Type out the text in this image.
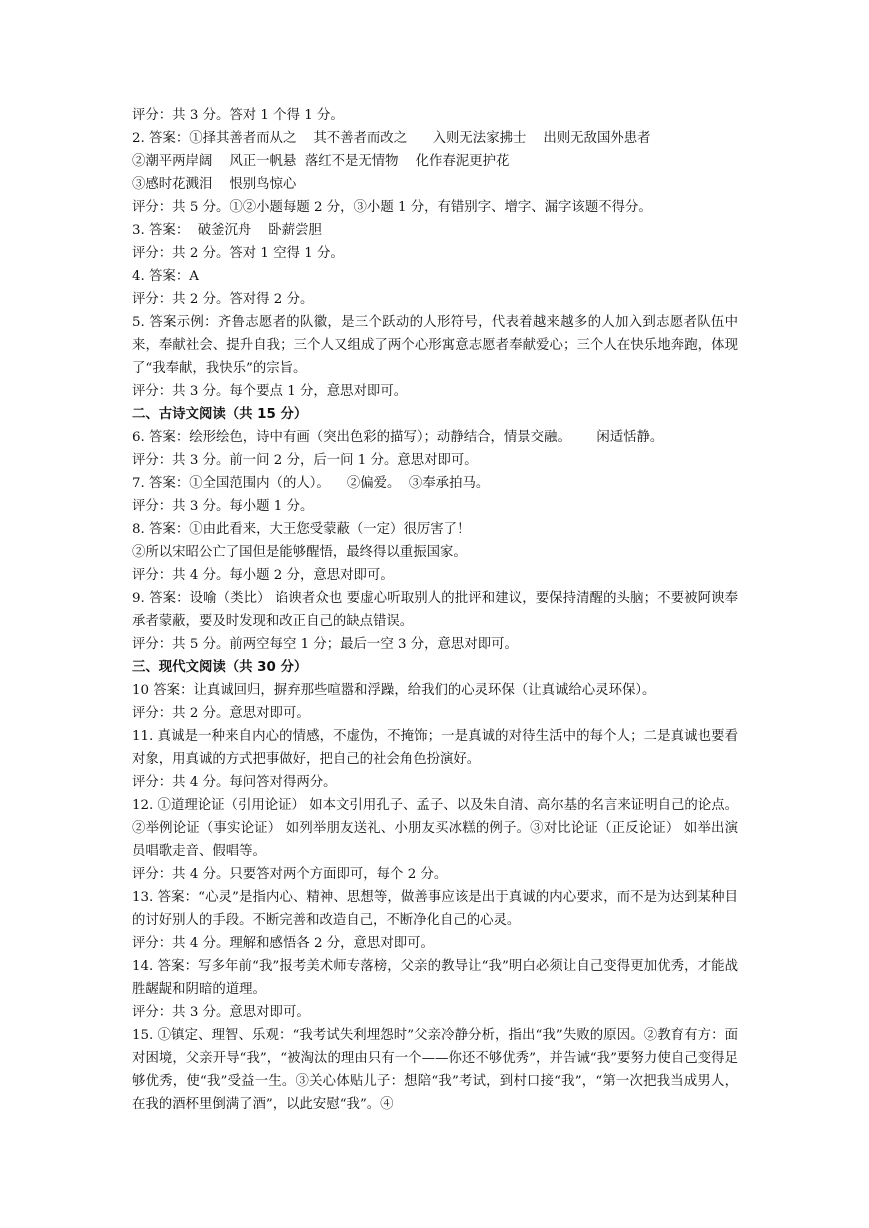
评分：共 3 分。答对 1 个得 1 分。
2. 答案：①择其善者而从之    其不善者而改之      入则无法家拂士    出则无敌国外患者
②潮平两岸阔    风正一帆悬  落红不是无情物    化作春泥更护花
③感时花溅泪    恨别鸟惊心
评分：共 5 分。①②小题每题 2 分，③小题 1 分，有错别字、增字、漏字该题不得分。
3. 答案：  破釜沉舟    卧薪尝胆
评分：共 2 分。答对 1 空得 1 分。
4. 答案：A
评分：共 2 分。答对得 2 分。
5. 答案示例：齐鲁志愿者的队徽，是三个跃动的人形符号，代表着越来越多的人加入到志愿者队伍中来，奉献社会、提升自我；三个人又组成了两个心形寓意志愿者奉献爱心；三个人在快乐地奔跑，体现了“我奉献，我快乐”的宗旨。
评分：共 3 分。每个要点 1 分，意思对即可。
二、古诗文阅读（共 15 分）
6. 答案：绘形绘色，诗中有画（突出色彩的描写）；动静结合，情景交融。      闲适恬静。
评分：共 3 分。前一问 2 分，后一问 1 分。意思对即可。
7. 答案：①全国范围内（的人）。    ②偏爱。  ③奉承拍马。
评分：共 3 分。每小题 1 分。
8. 答案：①由此看来，大王您受蒙蔽（一定）很厉害了！
②所以宋昭公亡了国但是能够醒悟，最终得以重振国家。
评分：共 4 分。每小题 2 分，意思对即可。
9. 答案：设喻（类比） 谄谀者众也 要虚心听取别人的批评和建议，要保持清醒的头脑；不要被阿谀奉承者蒙蔽，要及时发现和改正自己的缺点错误。
评分：共 5 分。前两空每空 1 分；最后一空 3 分，意思对即可。
三、现代文阅读（共 30 分）
10 答案：让真诚回归，摒弃那些喧嚣和浮躁，给我们的心灵环保（让真诚给心灵环保）。
评分：共 2 分。意思对即可。
11. 真诚是一种来自内心的情感，不虚伪，不掩饰；一是真诚的对待生活中的每个人；二是真诚也要看对象，用真诚的方式把事做好，把自己的社会角色扮演好。
评分：共 4 分。每问答对得两分。
12. ①道理论证（引用论证） 如本文引用孔子、孟子、以及朱自清、高尔基的名言来证明自己的论点。②举例论证（事实论证） 如列举朋友送礼、小朋友买冰糕的例子。③对比论证（正反论证） 如举出演员唱歌走音、假唱等。
评分：共 4 分。只要答对两个方面即可，每个 2 分。
13. 答案：“心灵”是指内心、精神、思想等，做善事应该是出于真诚的内心要求，而不是为达到某种目的讨好别人的手段。不断完善和改造自己，不断净化自己的心灵。
评分：共 4 分。理解和感悟各 2 分，意思对即可。
14. 答案：写多年前“我”报考美术师专落榜，父亲的教导让“我”明白必须让自己变得更加优秀，才能战胜龌龊和阴暗的道理。
评分：共 3 分。意思对即可。
15. ①镇定、理智、乐观：“我考试失利埋怨时”父亲冷静分析，指出“我”失败的原因。②教育有方：面对困境，父亲开导“我”，“被淘汰的理由只有一个——你还不够优秀”，并告诫“我”要努力使自己变得足够优秀，使“我”受益一生。③关心体贴儿子：想陪“我”考试，到村口接“我”，“第一次把我当成男人，在我的酒杯里倒满了酒”，以此安慰“我”。④
